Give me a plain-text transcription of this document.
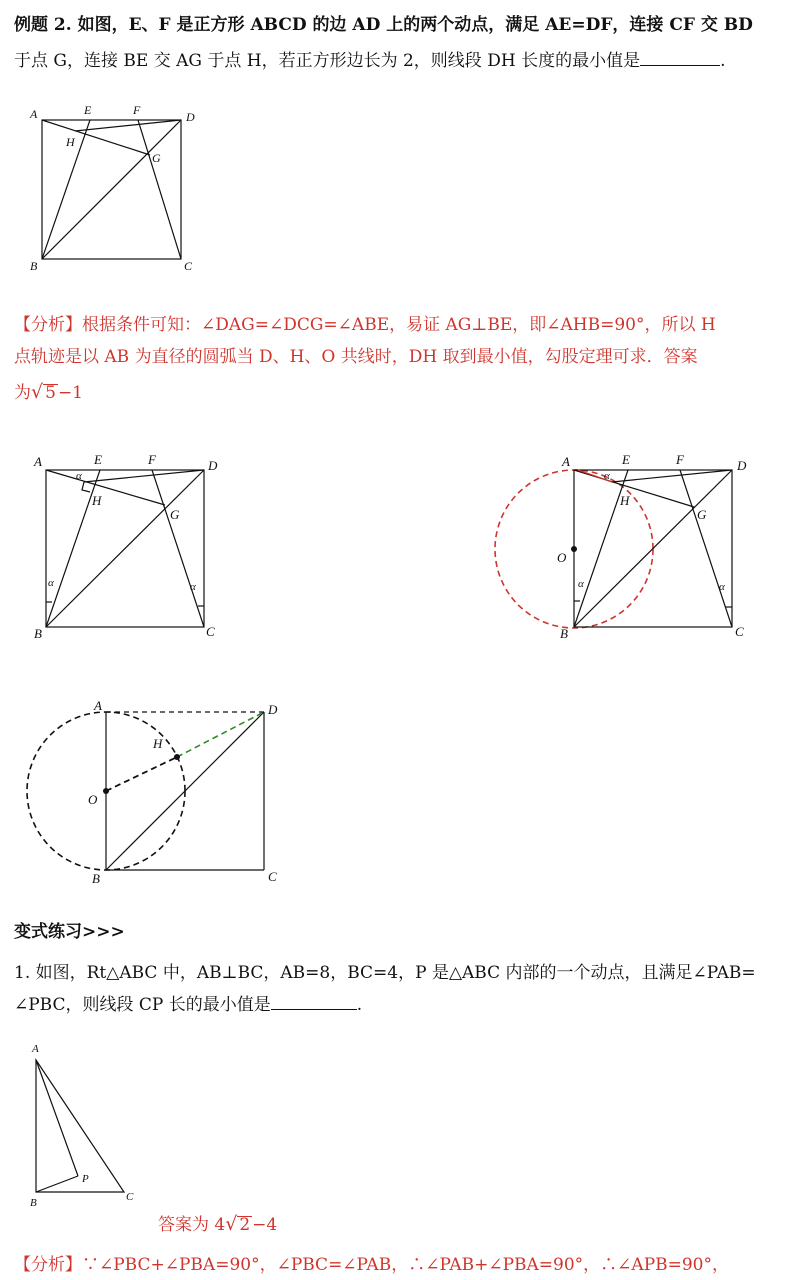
例题 2. 如图，E、F 是正方形 ABCD 的边 AD 上的两个动点，满足 AE=DF，连接 CF 交 BD
于点 G，连接 BE 交 AG 于点 H，若正方形边长为 2，则线段 DH 长度的最小值是	.
A	E	F	D
H
G
B	C
【分析】根据条件可知：∠DAG=∠DCG=∠ABE，易证 AG⊥BE，即∠AHB=90°，所以 H
点轨迹是以 AB 为直径的圆弧当 D、H、O 共线时，DH 取到最小值，勾股定理可求．答案
为√ 5 −1
A	E	F	D
α
H
G
α	α
B	C
A	E	F	D
α
H
G
O
α	α
B	C
A	D
H
O
B	C
变式练习>>>
1. 如图，Rt△ABC 中，AB⊥BC，AB=8，BC=4，P 是△ABC 内部的一个动点，且满足∠PAB=
∠PBC，则线段 CP 长的最小值是	.
A
P
B	C
答案为 4√ 2 −4
【分析】∵∠PBC+∠PBA=90°，∠PBC=∠PAB，∴∠PAB+∠PBA=90°，∴∠APB=90°，
